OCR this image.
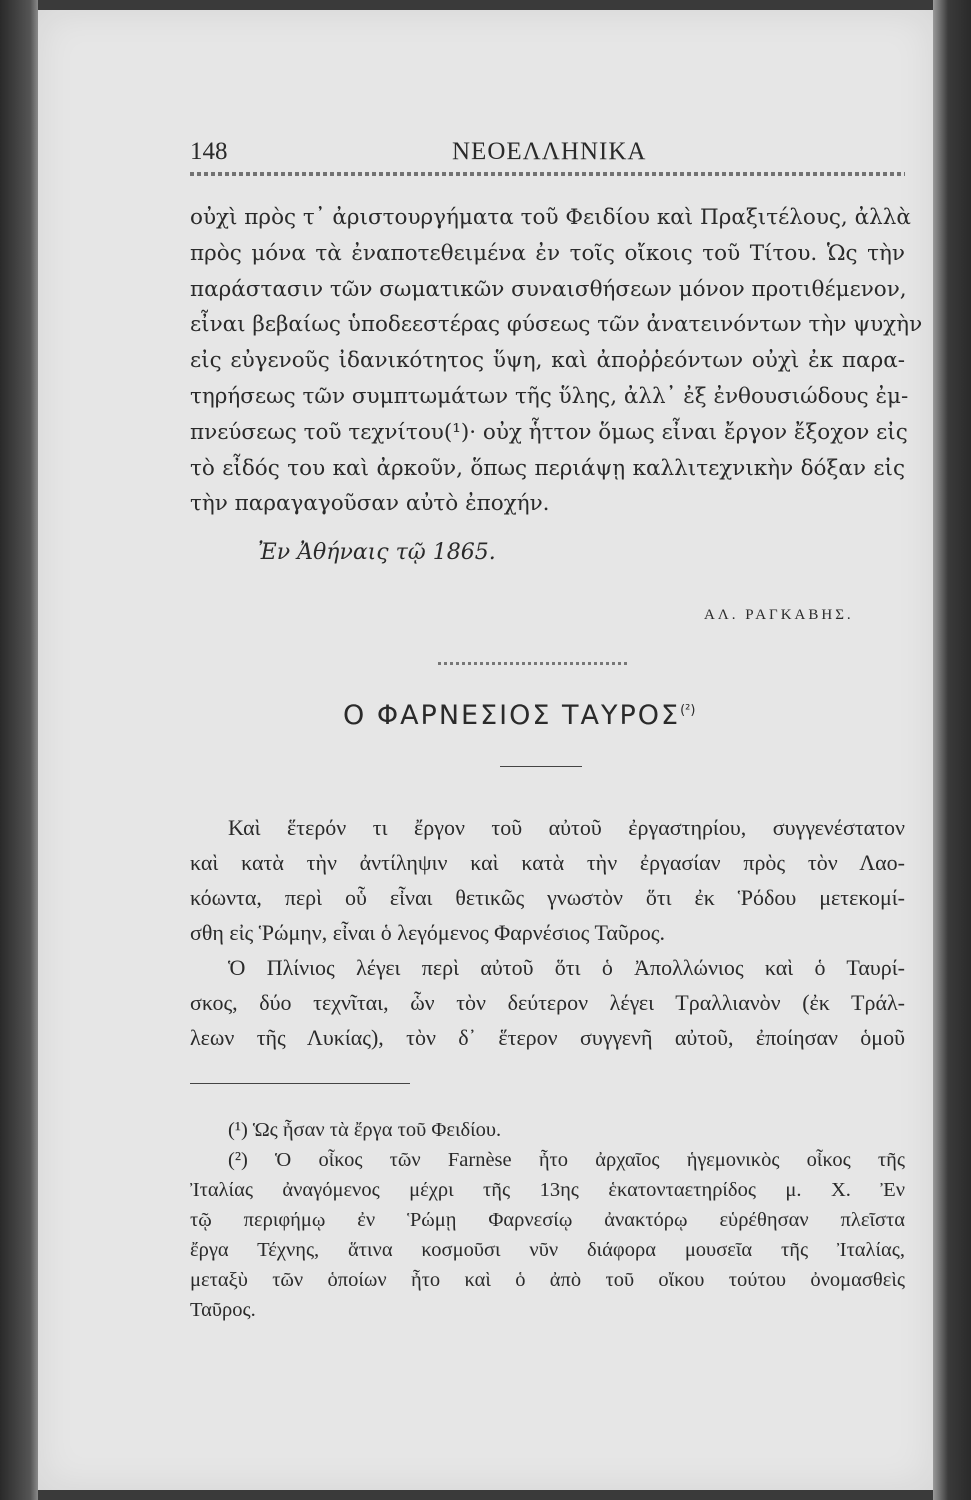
148	ΝΕΟΕΛΛΗΝΙΚΑ
οὐχὶ πρὸς τ᾽ ἀριστουργήματα τοῦ Φειδίου καὶ Πραξιτέλους, ἀλλὰ
πρὸς μόνα τὰ ἐναποτεθειμένα ἐν τοῖς οἴκοις τοῦ Τίτου. Ὡς τὴν
παράστασιν τῶν σωματικῶν συναισθήσεων μόνον προτιθέμενον,
εἶναι βεβαίως ὑποδεεστέρας φύσεως τῶν ἀνατεινόντων τὴν ψυχὴν
εἰς εὐγενοῦς ἰδανικότητος ὕψη, καὶ ἀποῤῥεόντων οὐχὶ ἐκ παρα-
τηρήσεως τῶν συμπτωμάτων τῆς ὕλης, ἀλλ᾽ ἐξ ἐνθουσιώδους ἐμ-
πνεύσεως τοῦ τεχνίτου(¹)· οὐχ ἧττον ὅμως εἶναι ἔργον ἔξοχον εἰς
τὸ εἶδός του καὶ ἀρκοῦν, ὅπως περιάψῃ καλλιτεχνικὴν δόξαν εἰς
τὴν παραγαγοῦσαν αὐτὸ ἐποχήν.
Ἐν Ἀθήναις τῷ 1865.
ΑΛ. ΡΑΓΚΑΒΗΣ.
Ο ΦΑΡΝΕΣΙΟΣ $TA\Upsilon PO\Sigma^{(^2)}$
Καὶ ἕτερόν τι ἔργον τοῦ αὐτοῦ ἐργαστηρίου, συγγενέστατον
καὶ κατὰ τὴν ἀντίληψιν καὶ κατὰ τὴν ἐργασίαν πρὸς τὸν Λαο-
κόωντα, περὶ οὗ εἶναι θετικῶς γνωστὸν ὅτι ἐκ Ῥόδου μετεκομί-
σθη εἰς Ῥώμην, εἶναι ὁ λεγόμενος Φαρνέσιος Ταῦρος.
Ὁ Πλίνιος λέγει περὶ αὐτοῦ ὅτι ὁ Ἀπολλώνιος καὶ ὁ Ταυρί-
σκος, δύο τεχνῖται, ὧν τὸν δεύτερον λέγει Τραλλιανὸν (ἐκ Τράλ-
λεων τῆς Λυκίας), τὸν δ᾽ ἕτερον συγγενῆ αὐτοῦ, ἐποίησαν ὁμοῦ
(¹) Ὡς ἦσαν τὰ ἔργα τοῦ Φειδίου.
(²) Ὁ οἶκος τῶν Farnèse ἦτο ἀρχαῖος ἡγεμονικὸς οἶκος τῆς
Ἰταλίας ἀναγόμενος μέχρι τῆς 13ης ἑκατονταετηρίδος μ. Χ. Ἐν
τῷ περιφήμῳ ἐν Ῥώμῃ Φαρνεσίῳ ἀνακτόρῳ εὑρέθησαν πλεῖστα
ἔργα Τέχνης, ἅτινα κοσμοῦσι νῦν διάφορα μουσεῖα τῆς Ἰταλίας,
μεταξὺ τῶν ὁποίων ἦτο καὶ ὁ ἀπὸ τοῦ οἴκου τούτου ὀνομασθεὶς
Ταῦρος.
